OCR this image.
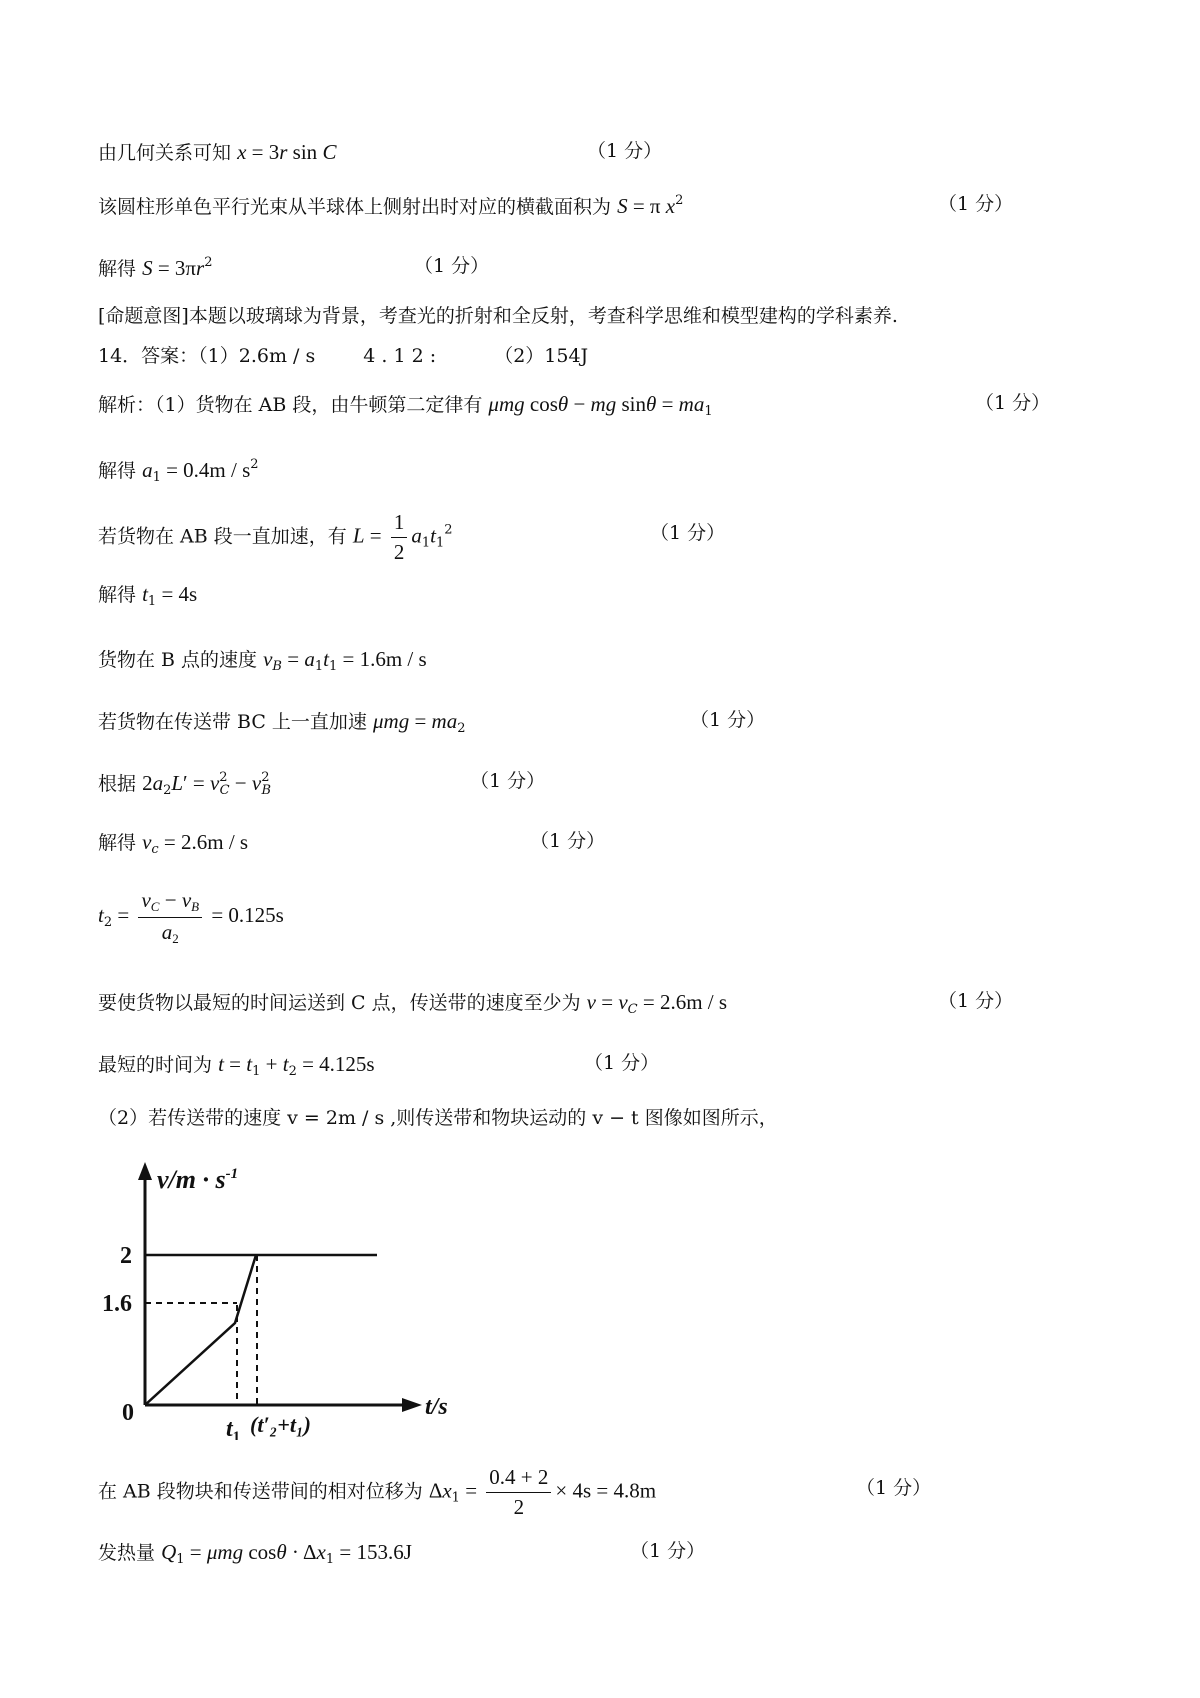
由几何关系可知 x = 3r sin C	（1 分）
该圆柱形单色平行光束从半球体上侧射出时对应的横截面积为 S = π $x^2$	（1 分）
解得 $S = 3\pi r^2$	（1 分）
[命题意图]本题以玻璃球为背景，考查光的折射和全反射，考查科学思维和模型建构的学科素养.
14．答案：（1）2.6m / s	4 . 1 2 :	（2）154J
解析：（1）货物在 AB 段，由牛顿第二定律有 μmg cosθ − mg $\sin\theta = ma_1$	（1 分）
解得 $a_1 = 0.4m / s^2$
若货物在 AB 段一直加速，有 $L = \frac{1}{2} a_1t_1^2$	（1 分）
解得 $t_1 = 4s$
货物在 B 点的速度 $v_B = a_1t_1 = 1.6m / s$
若货物在传送带 BC 上一直加速 $\mu mg = ma_2$	（1 分）
根据 $2a_2L' = v^2_C - v^2_B$	（1 分）
解得 $v_c = 2.6m / s$	（1 分）
$t_2 = \frac{v_C - v_B}{a_2} = 0.125s$
要使货物以最短的时间运送到 C 点，传送带的速度至少为 $v = v_C = 2.6m / s$	（1 分）
最短的时间为 $t = t_1 + t_2 = 4.125s$	（1 分）
（2）若传送带的速度 v = 2m / s ,则传送带和物块运动的 v − t 图像如图所示，
$v/m \cdot s^{-1}$
2
1.6
0	t/s
$t_1$ (t′₂+t₁)
在 AB 段物块和传送带间的相对位移为 $\Delta x_1 = \frac{0.4 + 2}{2} \times 4s = 4.8m$	（1 分）
发热量 $Q_1 = \mu mg$ $\cos\theta \cdot \Delta x_1 = 153.6J$	（1 分）
